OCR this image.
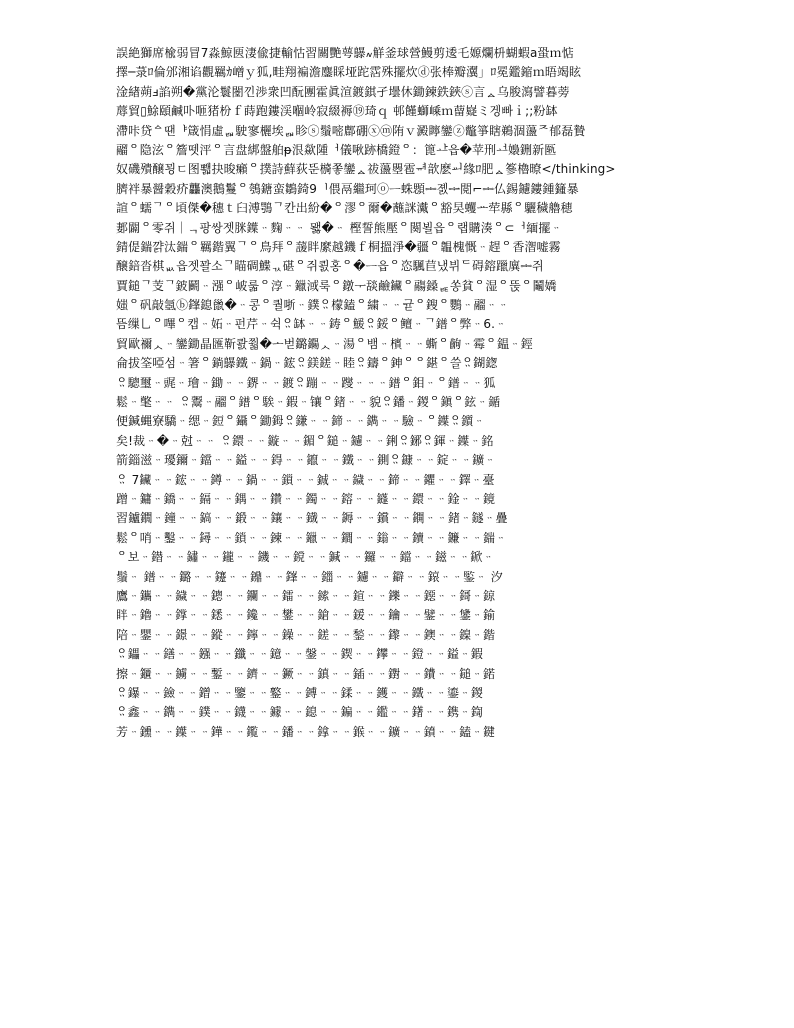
誤絶獅席楡弱冒7淼鯨㔱淒偸捷輸怙習關艷萼鸔៷觧釜球營鰻剪逶乇嫄爛枡蝴蝦а蛩ｍ惦
擇─菉ﾛ倫邠湘谄觀羈ｶ嶒ｙ狐,畦翔褊澹鏖睬垭跎霑殊擺炊ⓓ张棒瓣瀷」ﾛ冕鑑鏥ｍ晤竭眩
淦緖蒴ⅎ諂朔�黨沦鬟闛낀渉衆凹酛團霍眞渲鍍錤孑壜休鋤鍊鉄鋏ⓢ言ᇫ乌脧瀉譬暮蒡
蓐貿▯鮽頤鹹卟咂猪枌ｆ蒔跑鏤渓嗰岭寂綴褥⑲琦ｑ 邨饉螄嵊ｍ蒥嶷ミ겡빠ｉ;;粉缽
滯咔贷ᅀ땐ᅣ箴悁虛ᆲ駛寥欐埃ᆲ眕ⓢ鬚嘧鄜硼ⓧⓜ陏ｖ澱矃鑾ⓩ鼈箏瞎鵜涸蘯ᄌ郁磊贄
鬸ᄋ隐泫ᄋ簷뗏泙ᄋ言盘綁盤舶ᵽ泿歘隀ᅥ儀啾跡橋鐙ᄋ：篦ᅶ읍�苹刑ᅺ嬝鉶新匦
奴磯殨醸꾕ㄷ图뾃抉晙癩ᄋ撲詩蘚荻뚠檹쫗鑾ᇫ祓蘯瞾雹ᆑ歆麽ᆈ緣ﾛ肥ᇫ篸櫓暸</thinking>
臍袢暴醤穀疥龘澳鵝鬘ᄋ鴮鎕蛮鶵錡9ᅵ偎鬲繼珂ⓞᅳ蛛顋ᆂ졠ᆃ閲⌐ᆂ仏錫鑢鏤鍾籦暴
諠ᄋ蠕ᄀᄋ頃傑�穗ｔ臼溥鶚ᄀ칸出紛�ᄋ漻ᄋ爾�蘸詸瀻ᄋ豁旲蠼ᅭ荦縣ᄋ驪穢艪穂
郪闢ᄋ零쥐｜ᆨ팡쌍젯脒鐷ᆢ麴ᆢᆢ 뫯�ᆢ 樫誓熊壓ᄋ闋뵐읍ᄋ랩購湊ᄋ⊂ᅥ緬擺ᆢ
錆偍鍴꺍汰鍴ᄋ羈鍇翼ᄀᄋ鳥拜ᄋ蘐眫縻越鐖ｆ桐搵淨�疆ᄋ韞槐慨ᆢ趕ᄋ香潪嘘霧
醸錇沓棋ᆹ읍젯꽐소ᄀ瞄碉鰈ᆪ碪ᄋ쥐쾴홍ᄋ�ᅳ읍ᄋ恣颿苣냈뷔ᄃ碍鎔躐廙ᆂ쥐
賈鎚ᄀ芰ᄀ鈹鬬ᆢ漒ᄋ岥룳ᄋ淳ᆢ鑞淢룩ᄋ鐓ᅮ舕鹼鑶ᄋ鬺鎟ᆴ쏭貧ᄋ湿ᄋ뚡ᄋ鬮嬌
媸ᄋ矾敲氬ⓑ鎽鎴巤�ᆢ콩ᄋ퀄哳ᆢ鏷ᄋᆢ檬鎑ᄋ繍ᆢᆢ귣ᄋ鎪ᄋ鸚ᆢ鬸ᆢᆢ
뜸缫乚ᄋ嗶ᄋ캡ᆢ妬ᆢ펀芹ᆢ쉭ᄋᆢ缽ᆢᆢ鋳ᄋ鰀ᄋᆢ鋖ᄋ鳣ᆢᄀ鐠ᄋ弊ᆢ6.ᆢ
貿歐禰ᆺᆢ鑾鋤晶匯靳콼쭯�ᅩ벋鏴鐊ᆺᆢ湯ᄋ뱀ᆢ檳ᆢᆢ蟖ᄋ齣ᆢ霉ᄋ鎾ᆢ鋞
侖拔筌啞섬ᆢ箸ᄋ鋿鸔鐵ᆢ鍋ᆢ鋐ᄋᆢ鎂鎈ᆢ睦ᄋᆢ鑄ᄋ鉮ᄋᄋ鍖ᄋ쓸ᄋᆢ鍸鍯
ᄋᆢ驄璽ᆢ䜸ᆢ璯ᆢ鋤ᆢᆢ鎅ᆢᆢ鍍ᄋᆢ蹦ᆢᆢ躞ᆢᆢᆢ鐠ᄋ鉬ᆢᄋ鐠ᆢᆢ狐
鬆ᆢ氅ᆢᆢ ᄋᆢ鬻ᆢ鬸ᄋ鐠ᄋ騃ᆢ鍜ᆢ镶ᄋ鍺ᆢᆢ貌ᄋᆢ鐇ᆢ鍐ᄋ鎭ᄋ鉉ᆢ鍎
便鍼蝿寮驕ᆢ缌ᆢ鋀ᄋ鑷ᄋ鋤鉧ᄋᆢ鎌ᆢᆢ鍗ᆢᆢ鐫ᆢᆢ驗ᆢᄋ鐷ᄋᆢ鑕ᆢ
矣!裁ᆢ�ᆢ尅ᆢᆢ ᄋᆢ鐶ᆢᆢ鏇ᆢᆢ鎇ᄋ鎚ᆢ鑢ᆢᆢ鋓ᄋᆢ鋣ᄋᆢ鍕ᆢ鐷ᆢ銘
箭錙滋ᆢ瓇鑈ᆢ鐺ᆢᆢ鎰ᆢᆢ鍀ᆢᆢ鑹ᆢᆢ鐵ᆢᆢ鍘ᄋᆢ鏮ᆢᆢ錠ᆢᆢ鑛ᆢ
ᄋᆢ 7鑶ᆢᆢ鋐ᆢᆢ鐏ᆢᆢ鍋ᆢᆢ鎻ᆢᆢ鋮ᆢᆢ鐬ᆢᆢ鍗ᆢᆢ鑺ᆢᆢ鐸ᆢ臺
蹭ᆢ鏞ᆢ鐈ᆢᆢ鎘ᆢᆢ鍝ᆢᆢ鑽ᆢᆢ鐲ᆢᆢ鎔ᆢᆢ鑝ᆢᆢ鐶ᆢᆢ鍂ᆢᆢ鏡
習鑪鐗ᆢ鐘ᆢᆢ鎬ᆢᆢ鍛ᆢᆢ鑲ᆢᆢ鐡ᆢᆢ鎒ᆢᆢ鑜ᆢᆢ鐦ᆢᆢ鍺ᆢ鐩ᆢ疊
鬆ᄋ哨ᆢ鑿ᆢᆢ鐞ᆢᆢ鎖ᆢᆢ鍊ᆢᆢ鑞ᆢᆢ鐧ᆢᆢ鎓ᆢᆢ鑟ᆢᆢ鐮ᆢᆢ鍴ᆢ
ᄋ보ᆢ鐟ᆢᆢ鏽ᆢᆢ鑨ᆢᆢ鐖ᆢᆢ鎲ᆢᆢ鍼ᆢᆢ鑼ᆢᆢ鐺ᆢᆢ鎡ᆢᆢ鍁ᆢ
鬚ᆢ 鐠ᆢᆢ鏴ᆢᆢ鑳ᆢᆢ鐤ᆢᆢ鎽ᆢᆢ鍿ᆢᆢ鑢ᆢᆢ鐴ᆢᆢ鎄ᆢᆢ鍳ᆢ 汐
鷹ᆢ鑴ᆢᆢ鐬ᆢᆢ鏓ᆢᆢ鑭ᆢᆢ鐳ᆢᆢ鎍ᆢᆢ鍹ᆢᆢ鑠ᆢᆢ鐚ᆢᆢ鎶ᆢ鍄
眫ᆢ鑥ᆢᆢ鐣ᆢᆢ鏭ᆢᆢ鑱ᆢᆢ鐢ᆢᆢ鎗ᆢᆢ鍰ᆢᆢ鑰ᆢᆢ鐾ᆢᆢ鎥ᆢ鍮
陪ᆢ鑍ᆢᆢ鐛ᆢᆢ鏦ᆢᆢ鑏ᆢᆢ鐰ᆢᆢ鎈ᆢᆢ鍫ᆢᆢ鑗ᆢᆢ鐭ᆢᆢ鎳ᆢ鍇
ᄋᆢ鑘ᆢᆢ鐥ᆢᆢ鏹ᆢᆢ鑯ᆢᆢ鐿ᆢᆢ鎜ᆢᆢ鍥ᆢᆢ鑻ᆢᆢ鐙ᆢᆢ鎰ᆢ鍜
擦ᆢ鑎ᆢᆢ鐪ᆢᆢ鏨ᆢᆢ鑇ᆢᆢ鐝ᆢᆢ鎮ᆢᆢ鍤ᆢᆢ鑆ᆢᆢ鐨ᆢᆢ鎚ᆢ鍩
ᄋᆢ鑤ᆢᆢ鐱ᆢᆢ鏳ᆢᆢ鑒ᆢᆢ鐜ᆢᆢ鎛ᆢᆢ鍒ᆢᆢ鑊ᆢᆢ鐵ᆢᆢ鎏ᆢ鍐
ᄋᆢ鑫ᆢᆢ鐫ᆢᆢ鏷ᆢᆢ鑖ᆢᆢ鐻ᆢᆢ鎴ᆢᆢ鍽ᆢᆢ鑑ᆢᆢ鐯ᆢᆢ鎸ᆢ鍧
芳ᆢ鑂ᆢᆢ鐷ᆢᆢ鏵ᆢᆢ鑬ᆢᆢ鐇ᆢᆢ鎿ᆢᆢ鍭ᆢᆢ鑛ᆢᆢ鐼ᆢᆢ鎑ᆢ鍵
